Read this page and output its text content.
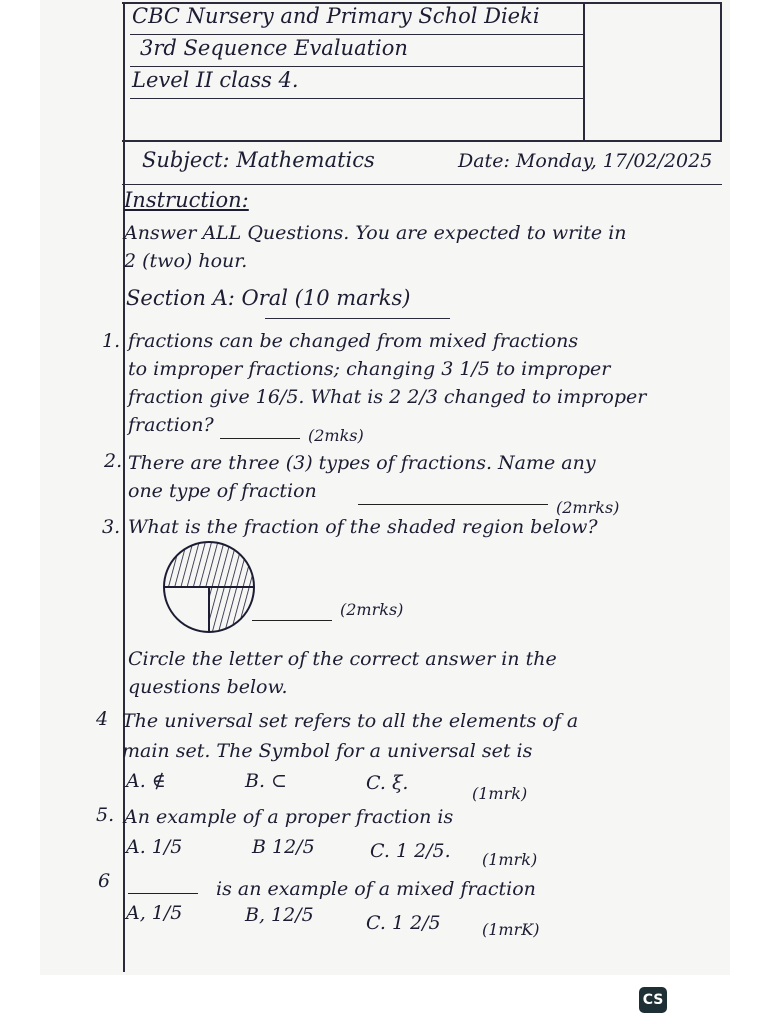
CBC Nursery and Primary Schol Dieki
3rd Sequence Evaluation
Level II class 4.
Subject: Mathematics	Date: Monday, 17/02/2025
Instruction:
Answer ALL Questions. You are expected to write in
2 (two) hour.
Section A: Oral (10 marks)
1. fractions can be changed from mixed fractions
to improper fractions; changing 3 1/5 to improper
fraction give 16/5. What is 2 2/3 changed to improper
fraction?	(2mks)
2. There are three (3) types of fractions. Name any
one type of fraction
(2mrks)
3. What is the fraction of the shaded region below?
(2mrks)
Circle the letter of the correct answer in the
questions below.
4 The universal set refers to all the elements of a
main set. The Symbol for a universal set is
A. ∉	B. ⊂	C. ξ.	(1mrk)
5. An example of a proper fraction is
A. 1/5	B 12/5	C. 1 2/5. (1mrk)
6	is an example of a mixed fraction
A, 1/5	B, 12/5	C. 1 2/5	(1mrK)
CS
